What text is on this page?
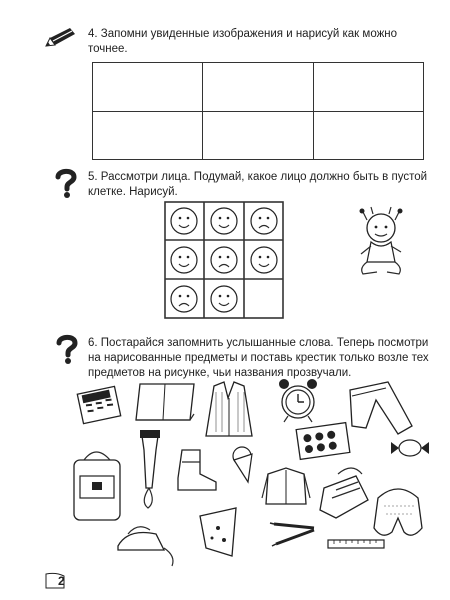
4. Запомни увиденные изображения и нарисуй как можно точнее.

5. Рассмотри лица. Подумай, какое лицо должно быть в пустой клетке. Нарисуй.
6. Постарайся запомнить услышанные слова. Теперь посмотри на нарисованные предметы и поставь крестик только возле тех предметов на рисунке, чьи названия прозвучали.
2
